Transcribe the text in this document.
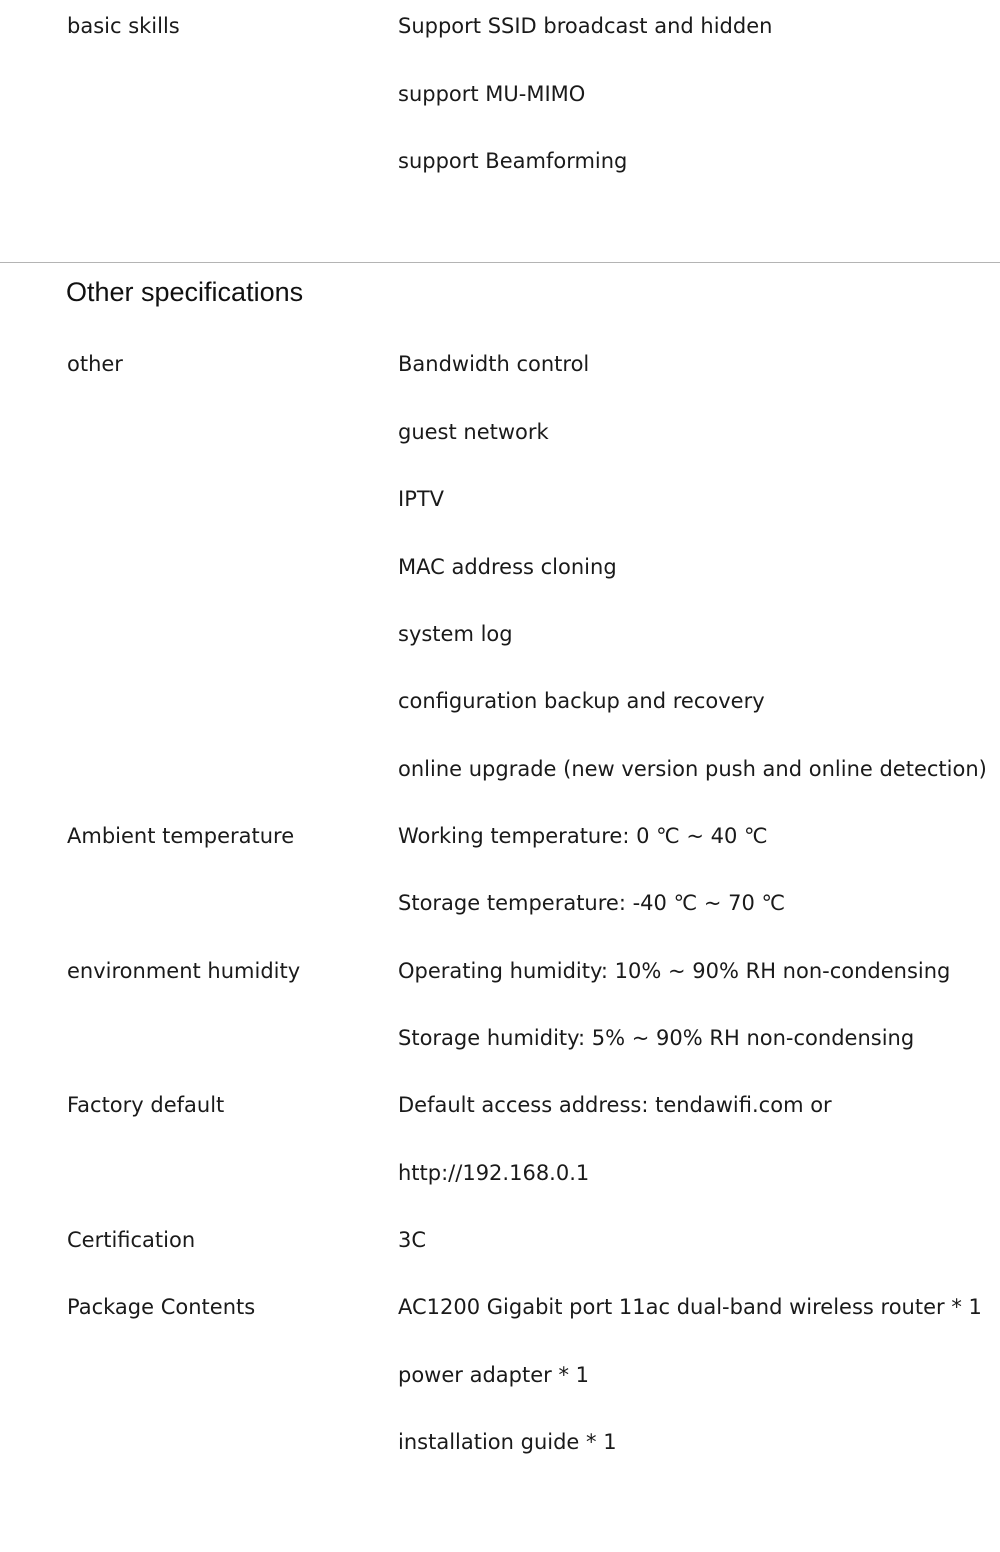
basic skills	Support SSID broadcast and hidden
support MU-MIMO
support Beamforming
Other specifications
other	Bandwidth control
guest network
IPTV
MAC address cloning
system log
configuration backup and recovery
online upgrade (new version push and online detection)
Ambient temperature	Working temperature: 0 ℃ ~ 40 ℃
Storage temperature: -40 ℃ ~ 70 ℃
environment humidity	Operating humidity: 10% ~ 90% RH non-condensing
Storage humidity: 5% ~ 90% RH non-condensing
Factory default	Default access address: tendawifi.com or
http://192.168.0.1
Certification	3C
Package Contents	AC1200 Gigabit port 11ac dual-band wireless router * 1
power adapter * 1
installation guide * 1
